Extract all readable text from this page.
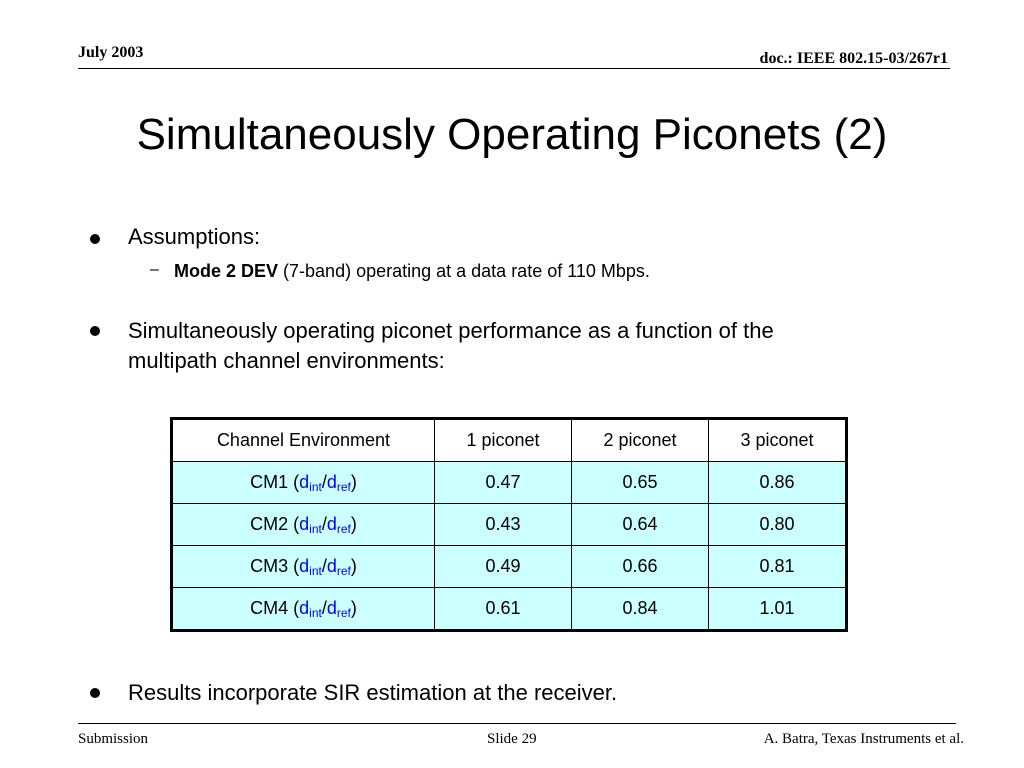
July 2003	doc.: IEEE 802.15-03/267r1
Simultaneously Operating Piconets (2)
Assumptions:
– Mode 2 DEV (7-band) operating at a data rate of 110 Mbps.
Simultaneously operating piconet performance as a function of the
multipath channel environments:
Channel Environment	1 piconet	2 piconet	3 piconet
CM1 (dint/dref)	0.47	0.65	0.86
CM2 (dint/dref)	0.43	0.64	0.80
CM3 (dint/dref)	0.49	0.66	0.81
CM4 (dint/dref)	0.61	0.84	1.01
Results incorporate SIR estimation at the receiver.
Submission	Slide 29	A. Batra, Texas Instruments et al.
